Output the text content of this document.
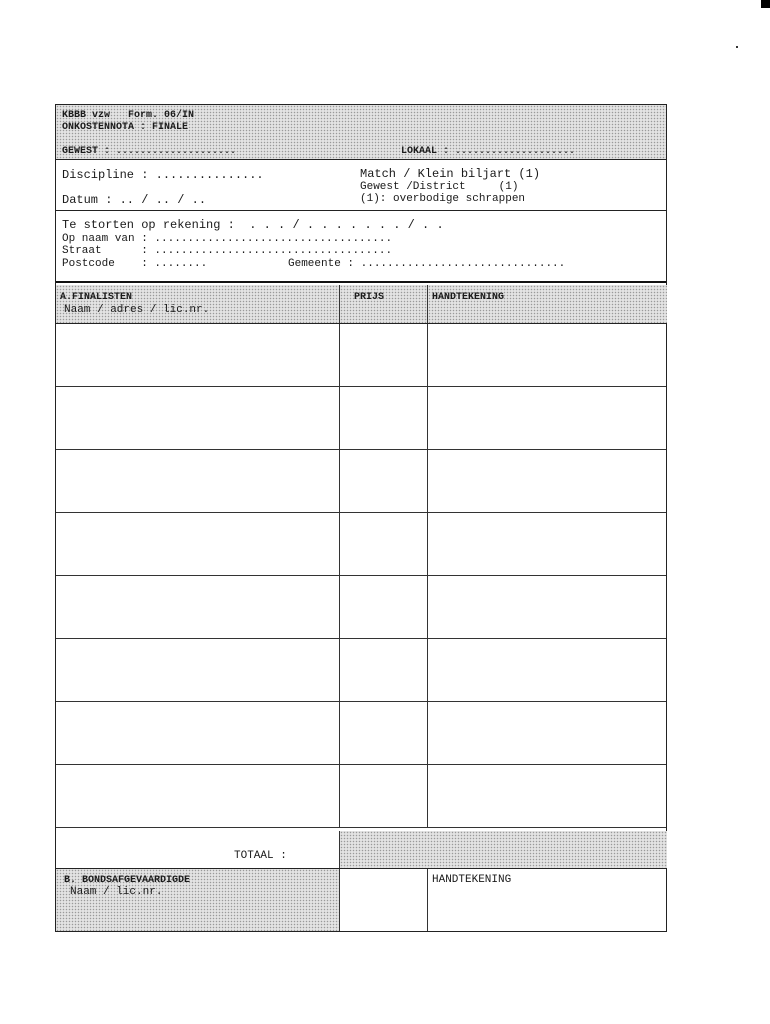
KBBB vzw   Form. 06/IN
ONKOSTENNOTA : FINALE
GEWEST : ....................	LOKAAL : ....................
Discipline : ...............
Datum : .. / .. / ..
Match / Klein biljart (1)
Gewest /District     (1)
(1): overbodige schrappen
Te storten op rekening :  . . . / . . . . . . . / . .
Op naam van : ....................................
Straat      : ....................................
Postcode    : ........	Gemeente : ...............................
A.FINALISTEN
Naam / adres / lic.nr.
PRIJS	HANDTEKENING
TOTAAL :
B. BONDSAFGEVAARDIGDE
Naam / lic.nr.
HANDTEKENING
